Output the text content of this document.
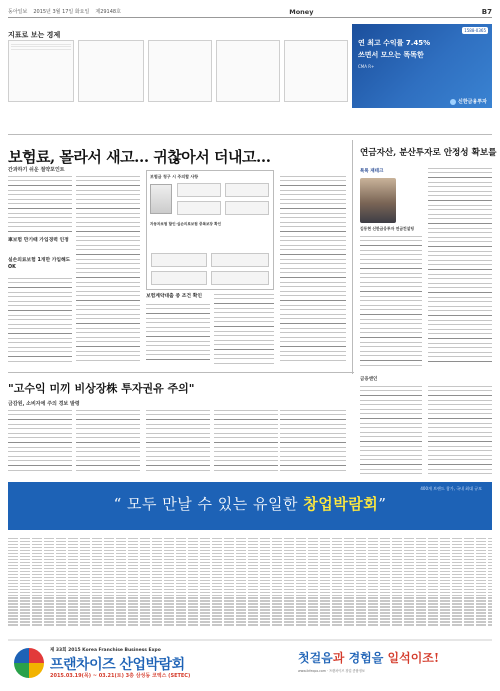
동아일보 2015년 3월 17일 화요일 제29148호	Money	B7
지표로 보는 경제
1588-0365
연 최고 수익률 7.45%
쓰면서 모으는 똑똑한
CMA R+
신한금융투자
보험료, 몰라서 새고… 귀찮아서 더내고…
간과하기 쉬운 절약포인트
車보험 만기때 가입경력 인정
실손의료보험 1개만 가입해도 OK
보험금 청구 시 주의할 사항
자동차보험 할인·실손의료보험 중복보장 확인
보험계약대출 중 조건 확인
연금자산, 분산투자로 안정성 확보를
톡톡 재테크
김동현 신한금융투자 연금컨설팅
금융앤인
"고수익 미끼 비상장株 투자권유 주의"
금감원, 소비자에 주의 경보 발령
400개 브랜드 참가, 국내 최대 규모
“ 모두 만날 수 있는 유일한 창업박람회”
제 33회 2015 Korea Franchise Business Expo
프랜차이즈 산업박람회
2015.03.19(목) ~ 03.21(토) 3층 삼성동 코엑스 (SETEC)
첫걸음과 경험을 일석이조!
www.ikfexpo.com · 프랜차이즈 창업 종합정보
